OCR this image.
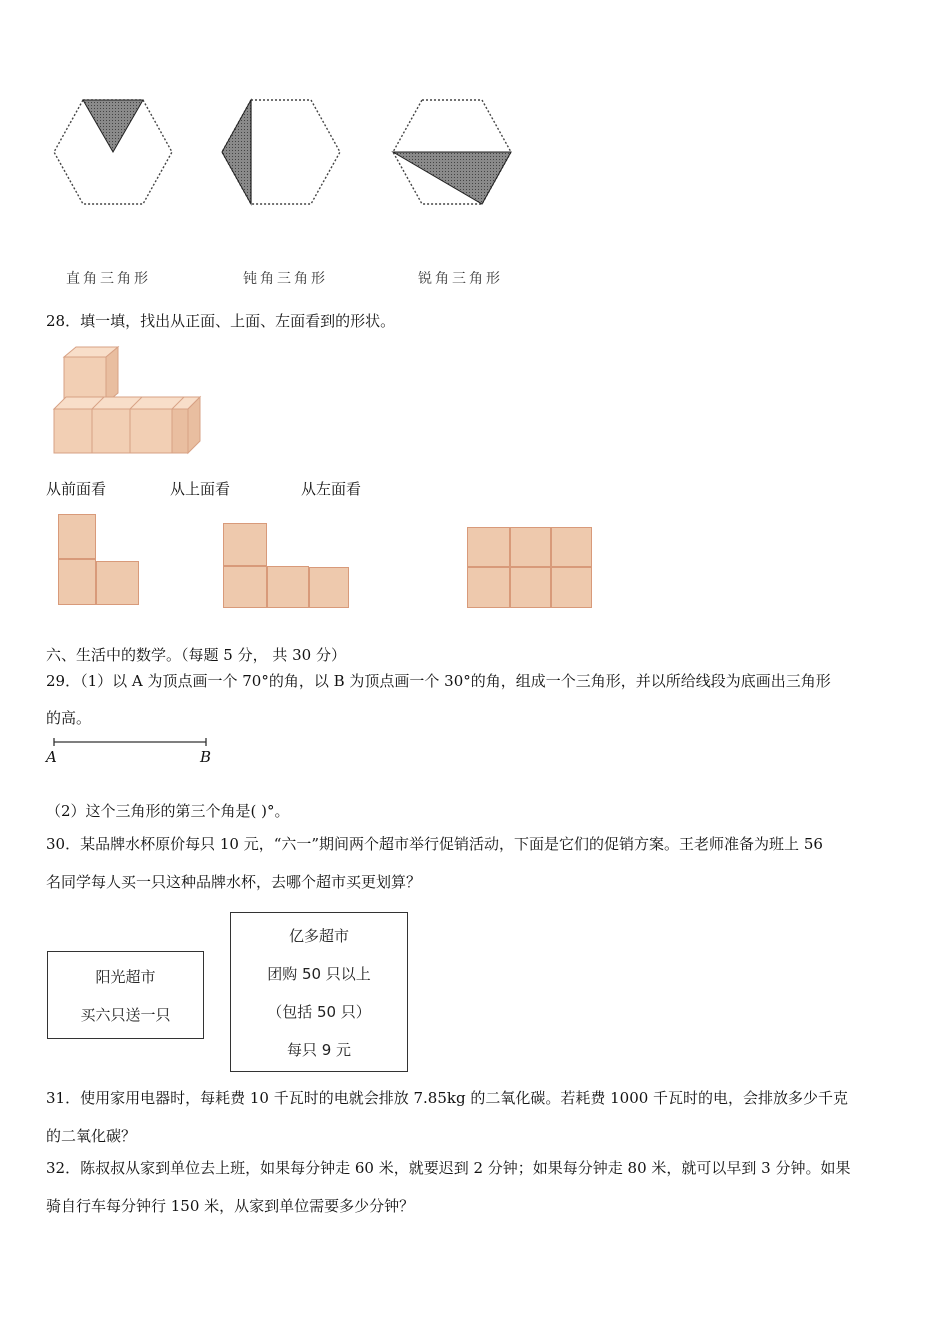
直角三角形	钝角三角形	锐角三角形
28．填一填，找出从正面、上面、左面看到的形状。
从前面看	从上面看	从左面看
六、生活中的数学。（每题 5 分， 共 30 分）
29．（1）以 A 为顶点画一个 70°的角，以 B 为顶点画一个 30°的角，组成一个三角形，并以所给线段为底画出三角形
的高。
A	B
（2）这个三角形的第三个角是( )°。
30．某品牌水杯原价每只 10 元，“六一”期间两个超市举行促销活动，下面是它们的促销方案。王老师准备为班上 56
名同学每人买一只这种品牌水杯，去哪个超市买更划算？
阳光超市
买六只送一只
亿多超市
团购 50 只以上
（包括 50 只）
每只 9 元
31．使用家用电器时，每耗费 10 千瓦时的电就会排放 7.85kg 的二氧化碳。若耗费 1000 千瓦时的电，会排放多少千克
的二氧化碳？
32．陈叔叔从家到单位去上班，如果每分钟走 60 米，就要迟到 2 分钟；如果每分钟走 80 米，就可以早到 3 分钟。如果
骑自行车每分钟行 150 米，从家到单位需要多少分钟？
